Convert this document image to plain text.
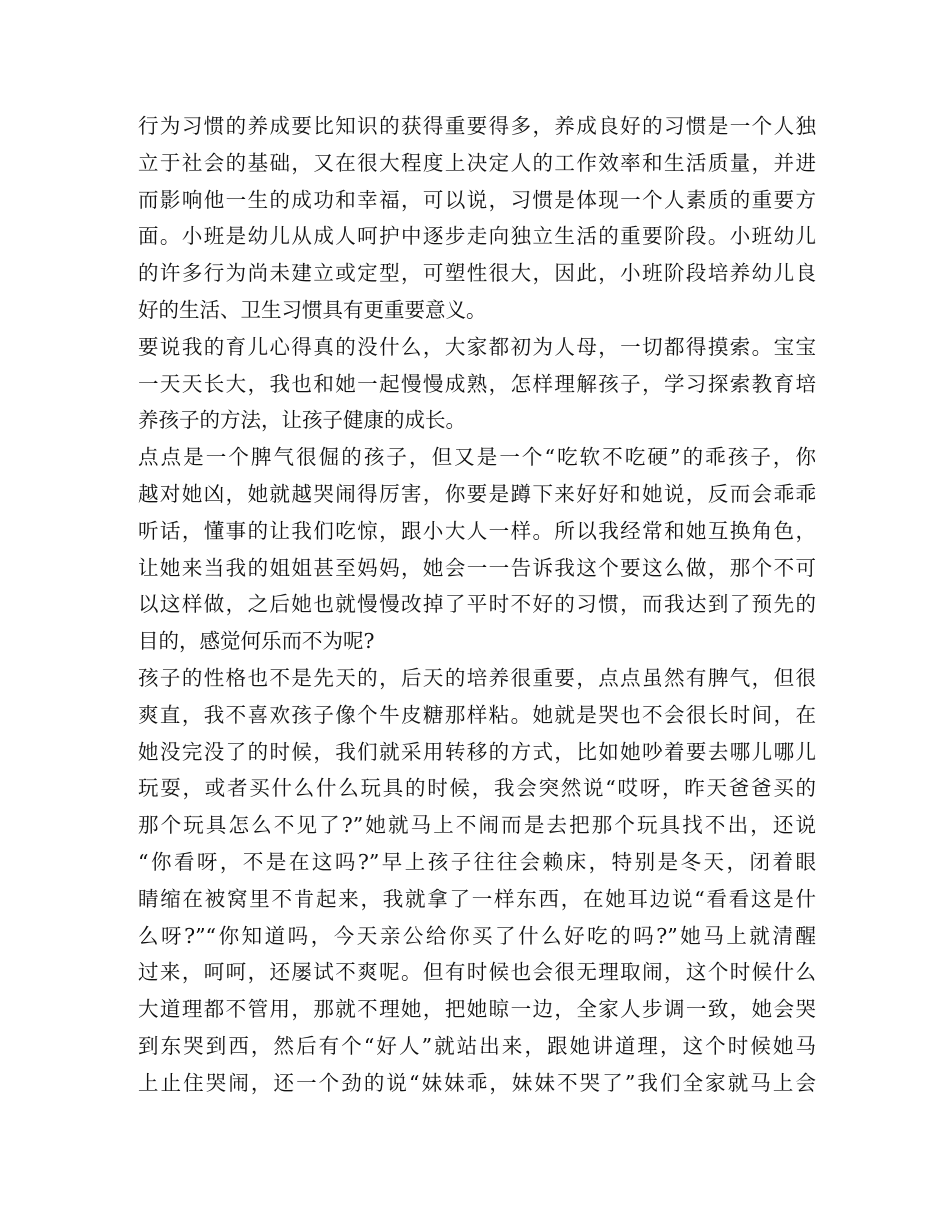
行为习惯的养成要比知识的获得重要得多，养成良好的习惯是一个人独
立于社会的基础，又在很大程度上决定人的工作效率和生活质量，并进
而影响他一生的成功和幸福，可以说，习惯是体现一个人素质的重要方
面。小班是幼儿从成人呵护中逐步走向独立生活的重要阶段。小班幼儿
的许多行为尚未建立或定型，可塑性很大，因此，小班阶段培养幼儿良
好的生活、卫生习惯具有更重要意义。
要说我的育儿心得真的没什么，大家都初为人母，一切都得摸索。宝宝
一天天长大，我也和她一起慢慢成熟，怎样理解孩子，学习探索教育培
养孩子的方法，让孩子健康的成长。
点点是一个脾气很倔的孩子，但又是一个“吃软不吃硬”的乖孩子，你
越对她凶，她就越哭闹得厉害，你要是蹲下来好好和她说，反而会乖乖
听话，懂事的让我们吃惊，跟小大人一样。所以我经常和她互换角色，
让她来当我的姐姐甚至妈妈，她会一一告诉我这个要这么做，那个不可
以这样做，之后她也就慢慢改掉了平时不好的习惯，而我达到了预先的
目的，感觉何乐而不为呢?
孩子的性格也不是先天的，后天的培养很重要，点点虽然有脾气，但很
爽直，我不喜欢孩子像个牛皮糖那样粘。她就是哭也不会很长时间，在
她没完没了的时候，我们就采用转移的方式，比如她吵着要去哪儿哪儿
玩耍，或者买什么什么玩具的时候，我会突然说“哎呀，昨天爸爸买的
那个玩具怎么不见了?”她就马上不闹而是去把那个玩具找不出，还说
“你看呀，不是在这吗?”早上孩子往往会赖床，特别是冬天，闭着眼
睛缩在被窝里不肯起来，我就拿了一样东西，在她耳边说“看看这是什
么呀?”“你知道吗，今天亲公给你买了什么好吃的吗?”她马上就清醒
过来，呵呵，还屡试不爽呢。但有时候也会很无理取闹，这个时候什么
大道理都不管用，那就不理她，把她晾一边，全家人步调一致，她会哭
到东哭到西，然后有个“好人”就站出来，跟她讲道理，这个时候她马
上止住哭闹，还一个劲的说“妹妹乖，妹妹不哭了”我们全家就马上会
